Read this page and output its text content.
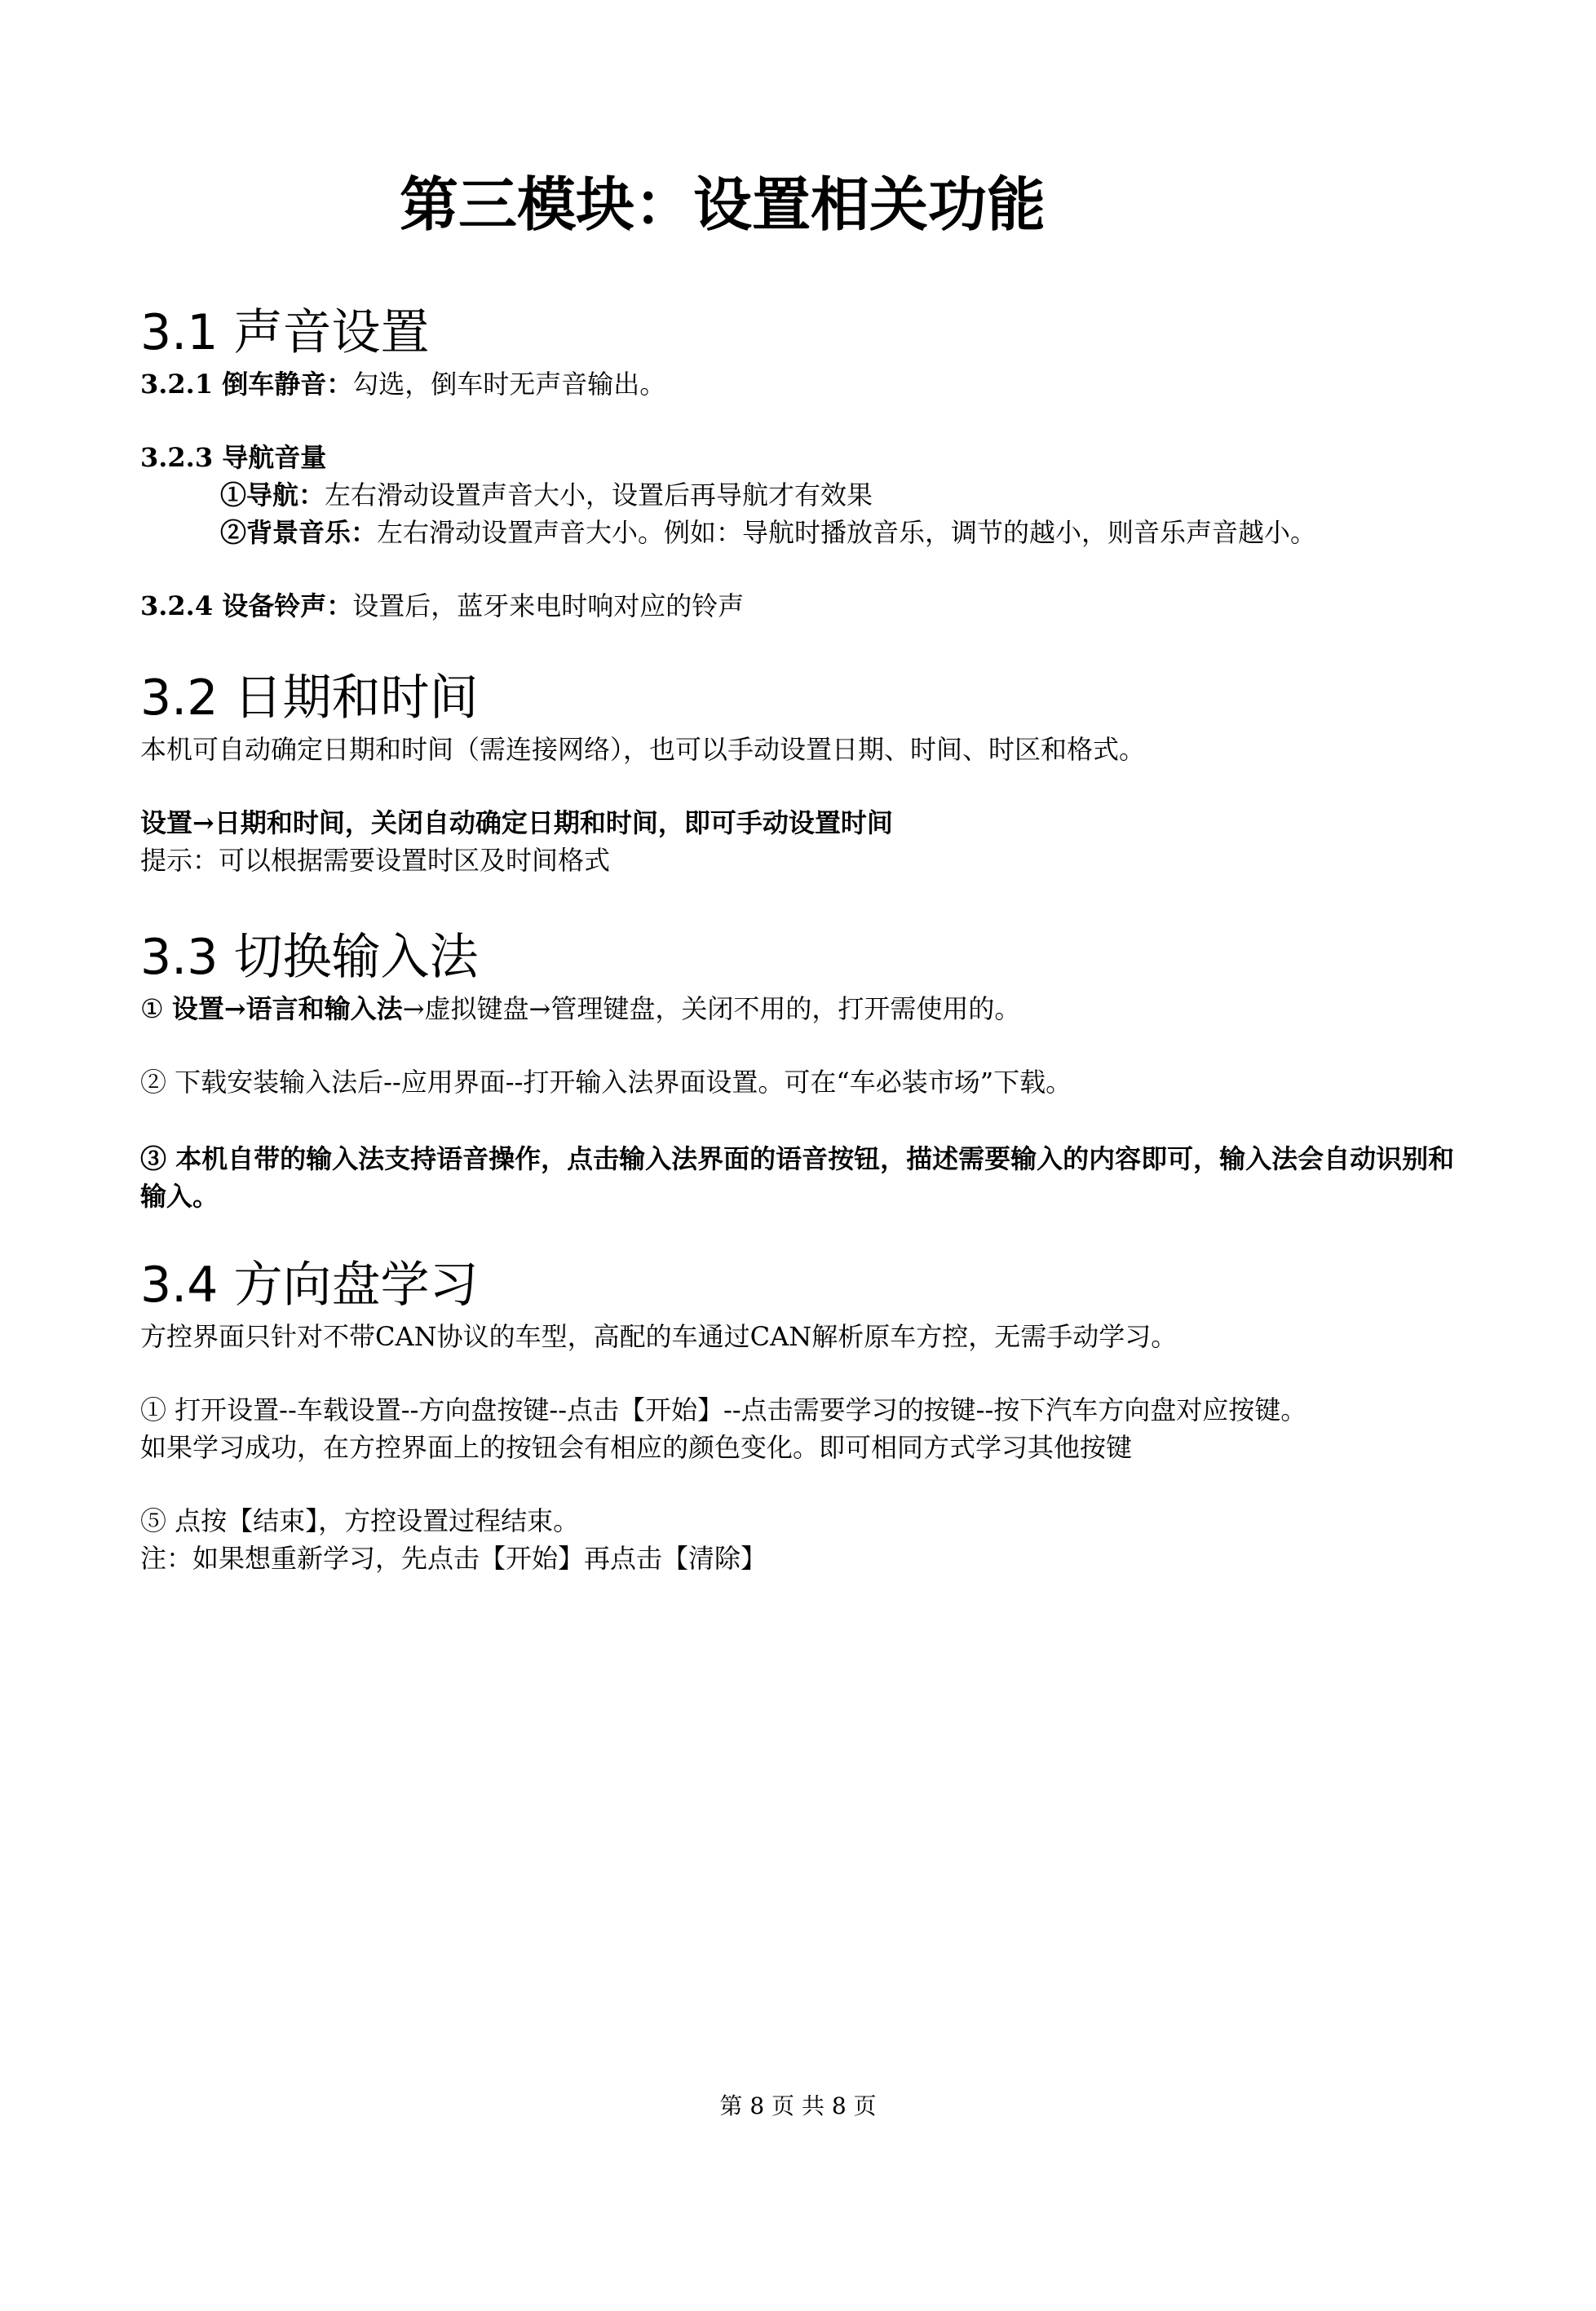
第三模块：设置相关功能
3.1 声音设置
3.2.1 倒车静音：勾选，倒车时无声音输出。
3.2.3 导航音量
①导航：左右滑动设置声音大小，设置后再导航才有效果
②背景音乐：左右滑动设置声音大小。例如：导航时播放音乐，调节的越小，则音乐声音越小。
3.2.4 设备铃声：设置后，蓝牙来电时响对应的铃声
3.2 日期和时间
本机可自动确定日期和时间（需连接网络），也可以手动设置日期、时间、时区和格式。
设置→日期和时间，关闭自动确定日期和时间，即可手动设置时间
提示：可以根据需要设置时区及时间格式
3.3 切换输入法
① 设置→语言和输入法→虚拟键盘→管理键盘，关闭不用的，打开需使用的。
② 下载安装输入法后--应用界面--打开输入法界面设置。可在“车必装市场”下载。
③ 本机自带的输入法支持语音操作，点击输入法界面的语音按钮，描述需要输入的内容即可，输入法会自动识别和输入。
3.4 方向盘学习
方控界面只针对不带CAN协议的车型，高配的车通过CAN解析原车方控，无需手动学习。
① 打开设置--车载设置--方向盘按键--点击【开始】--点击需要学习的按键--按下汽车方向盘对应按键。
如果学习成功，在方控界面上的按钮会有相应的颜色变化。即可相同方式学习其他按键
⑤ 点按【结束】，方控设置过程结束。
注：如果想重新学习，先点击【开始】再点击【清除】
第 8 页 共 8 页
